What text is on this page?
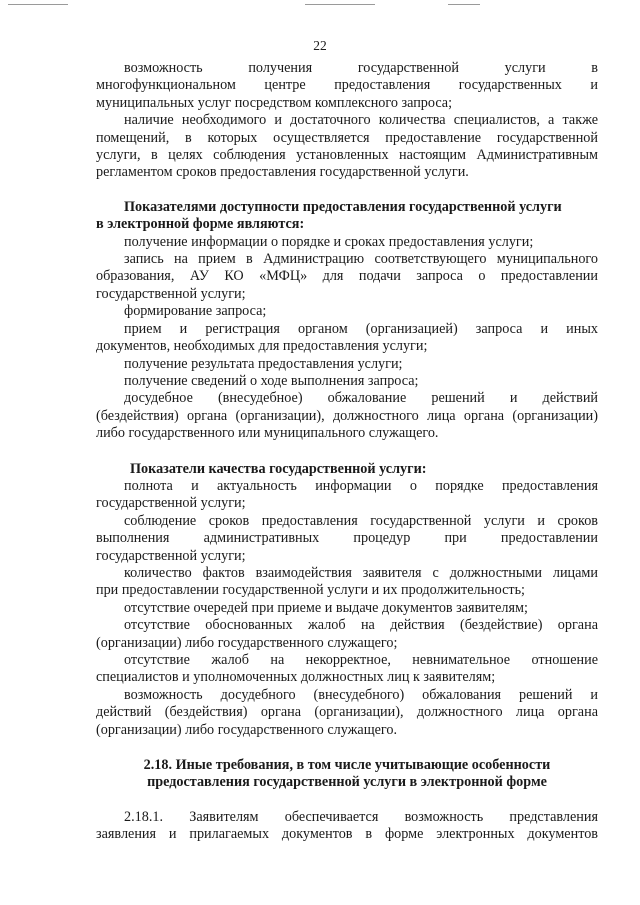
22
возможность получения государственной услуги в
многофункциональном центре предоставления государственных и
муниципальных услуг посредством комплексного запроса;
наличие необходимого и достаточного количества специалистов, а также
помещений, в которых осуществляется предоставление государственной
услуги, в целях соблюдения установленных настоящим Административным
регламентом сроков предоставления государственной услуги.
Показателями доступности предоставления государственной услуги
в электронной форме являются:
получение информации о порядке и сроках предоставления услуги;
запись на прием в Администрацию соответствующего муниципального
образования, АУ КО «МФЦ» для подачи запроса о предоставлении
государственной услуги;
формирование запроса;
прием и регистрация органом (организацией) запроса и иных
документов, необходимых для предоставления услуги;
получение результата предоставления услуги;
получение сведений о ходе выполнения запроса;
досудебное (внесудебное) обжалование решений и действий
(бездействия) органа (организации), должностного лица органа (организации)
либо государственного или муниципального служащего.
Показатели качества государственной услуги:
полнота и актуальность информации о порядке предоставления
государственной услуги;
соблюдение сроков предоставления государственной услуги и сроков
выполнения административных процедур при предоставлении
государственной услуги;
количество фактов взаимодействия заявителя с должностными лицами
при предоставлении государственной услуги и их продолжительность;
отсутствие очередей при приеме и выдаче документов заявителям;
отсутствие обоснованных жалоб на действия (бездействие) органа
(организации) либо государственного служащего;
отсутствие жалоб на некорректное, невнимательное отношение
специалистов и уполномоченных должностных лиц к заявителям;
возможность досудебного (внесудебного) обжалования решений и
действий (бездействия) органа (организации), должностного лица органа
(организации) либо государственного служащего.
2.18. Иные требования, в том числе учитывающие особенности
предоставления государственной услуги в электронной форме
2.18.1. Заявителям обеспечивается возможность представления
заявления и прилагаемых документов в форме электронных документов
